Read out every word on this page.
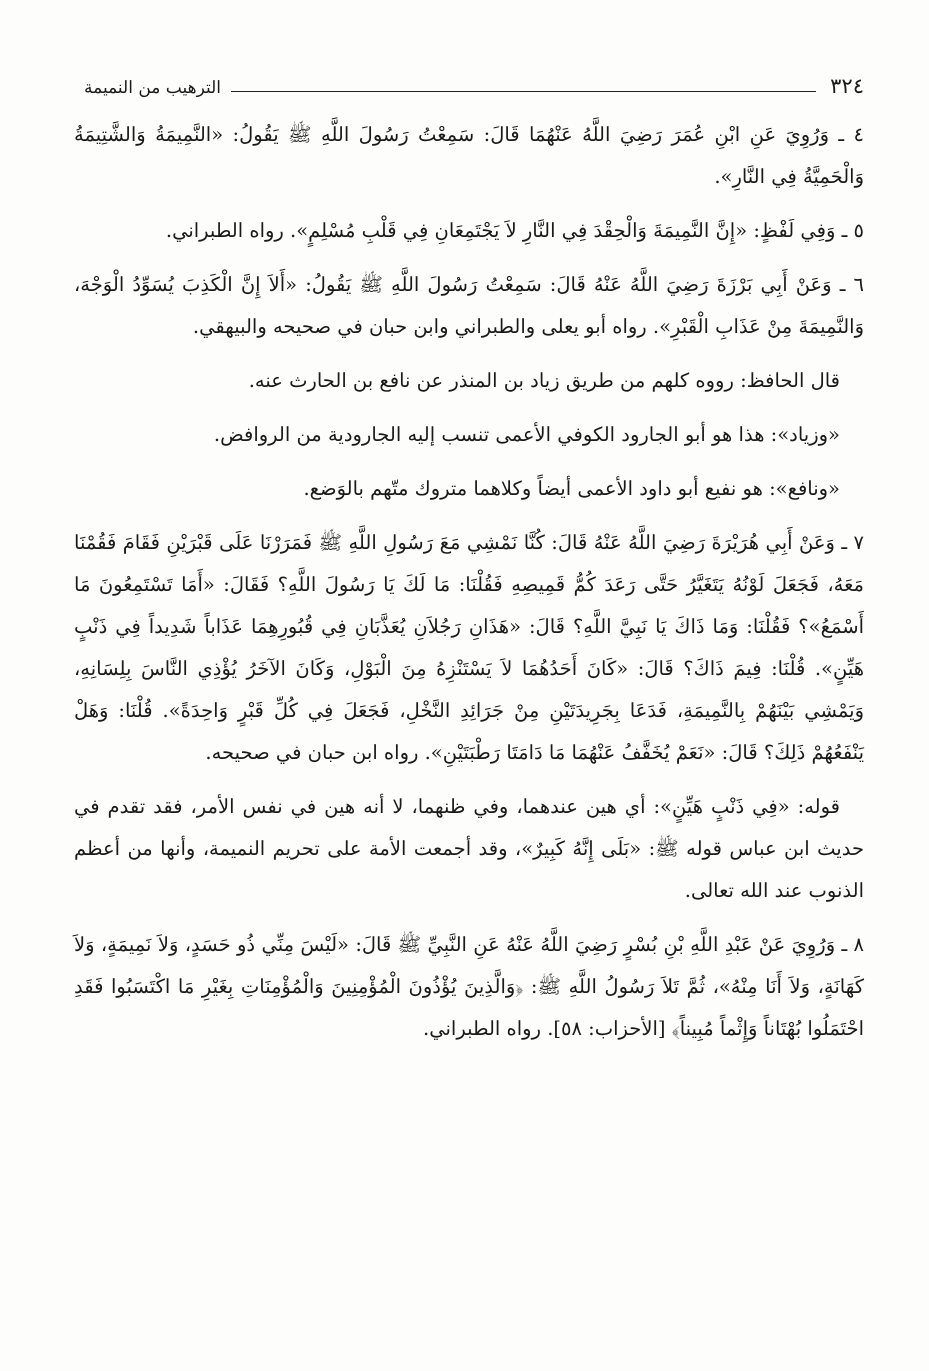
٣٢٤
الترهيب من النميمة

٤ ـ وَرُوِيَ عَنِ ابْنِ عُمَرَ رَضِيَ اللَّهُ عَنْهُمَا قَالَ: سَمِعْتُ رَسُولَ اللَّهِ ﷺ يَقُولُ: «النَّمِيمَةُ وَالشَّتِيمَةُ وَالْحَمِيَّةُ فِي النَّارِ».

٥ ـ وَفِي لَفْظٍ: «إِنَّ النَّمِيمَةَ وَالْحِقْدَ فِي النَّارِ لاَ يَجْتَمِعَانِ فِي قَلْبِ مُسْلِمٍ». رواه الطبراني.

٦ ـ وَعَنْ أَبِي بَرْزَةَ رَضِيَ اللَّهُ عَنْهُ قَالَ: سَمِعْتُ رَسُولَ اللَّهِ ﷺ يَقُولُ: «أَلاَ إِنَّ الْكَذِبَ يُسَوِّدُ الْوَجْهَ، وَالنَّمِيمَةَ مِنْ عَذَابِ الْقَبْرِ». رواه أبو يعلى والطبراني وابن حبان في صحيحه والبيهقي.

قال الحافظ: رووه كلهم من طريق زياد بن المنذر عن نافع بن الحارث عنه.

«وزياد»: هذا هو أبو الجارود الكوفي الأعمى تنسب إليه الجارودية من الروافض.

«ونافع»: هو نفيع أبو داود الأعمى أيضاً وكلاهما متروك متّهم بالوَضع.

٧ ـ وَعَنْ أَبِي هُرَيْرَةَ رَضِيَ اللَّهُ عَنْهُ قَالَ: كُنَّا نَمْشِي مَعَ رَسُولِ اللَّهِ ﷺ فَمَرَرْنَا عَلَى قَبْرَيْنِ فَقَامَ فَقُمْنَا مَعَهُ، فَجَعَلَ لَوْنُهُ يَتَغَيَّرُ حَتَّى رَعَدَ كُمُّ قَمِيصِهِ فَقُلْنَا: مَا لَكَ يَا رَسُولَ اللَّهِ؟ فَقَالَ: «أَمَا تَسْتَمِعُونَ مَا أَسْمَعُ»؟ فَقُلْنَا: وَمَا ذَاكَ يَا نَبِيَّ اللَّهِ؟ قَالَ: «هَذَانِ رَجُلاَنِ يُعَذَّبَانِ فِي قُبُورِهِمَا عَذَاباً شَدِيداً فِي ذَنْبٍ هَيِّنٍ». قُلْنَا: فِيمَ ذَاكَ؟ قَالَ: «كَانَ أَحَدُهُمَا لاَ يَسْتَنْزِهُ مِنَ الْبَوْلِ، وَكَانَ الآخَرُ يُؤْذِي النَّاسَ بِلِسَانِهِ، وَيَمْشِي بَيْنَهُمْ بِالنَّمِيمَةِ، فَدَعَا بِجَرِيدَتَيْنِ مِنْ جَرَائِدِ النَّخْلِ، فَجَعَلَ فِي كُلِّ قَبْرٍ وَاحِدَةً». قُلْنَا: وَهَلْ يَنْفَعُهُمْ ذَلِكَ؟ قَالَ: «نَعَمْ يُخَفَّفُ عَنْهُمَا مَا دَامَتَا رَطْبَتَيْنِ». رواه ابن حبان في صحيحه.

قوله: «فِي ذَنْبٍ هَيِّنٍ»: أي هين عندهما، وفي ظنهما، لا أنه هين في نفس الأمر، فقد تقدم في حديث ابن عباس قوله ﷺ: «بَلَى إِنَّهُ كَبِيرٌ»، وقد أجمعت الأمة على تحريم النميمة، وأنها من أعظم الذنوب عند الله تعالى.

٨ ـ وَرُوِيَ عَنْ عَبْدِ اللَّهِ بْنِ بُسْرٍ رَضِيَ اللَّهُ عَنْهُ عَنِ النَّبِيِّ ﷺ قَالَ: «لَيْسَ مِنِّي ذُو حَسَدٍ، وَلاَ نَمِيمَةٍ، وَلاَ كَهَانَةٍ، وَلاَ أَنَا مِنْهُ»، ثُمَّ تَلاَ رَسُولُ اللَّهِ ﷺ: ﴿وَالَّذِينَ يُؤْذُونَ الْمُؤْمِنِينَ وَالْمُؤْمِنَاتِ بِغَيْرِ مَا اكْتَسَبُوا فَقَدِ احْتَمَلُوا بُهْتَاناً وَإِثْماً مُبِيناً﴾ [الأحزاب: ٥٨]. رواه الطبراني.
